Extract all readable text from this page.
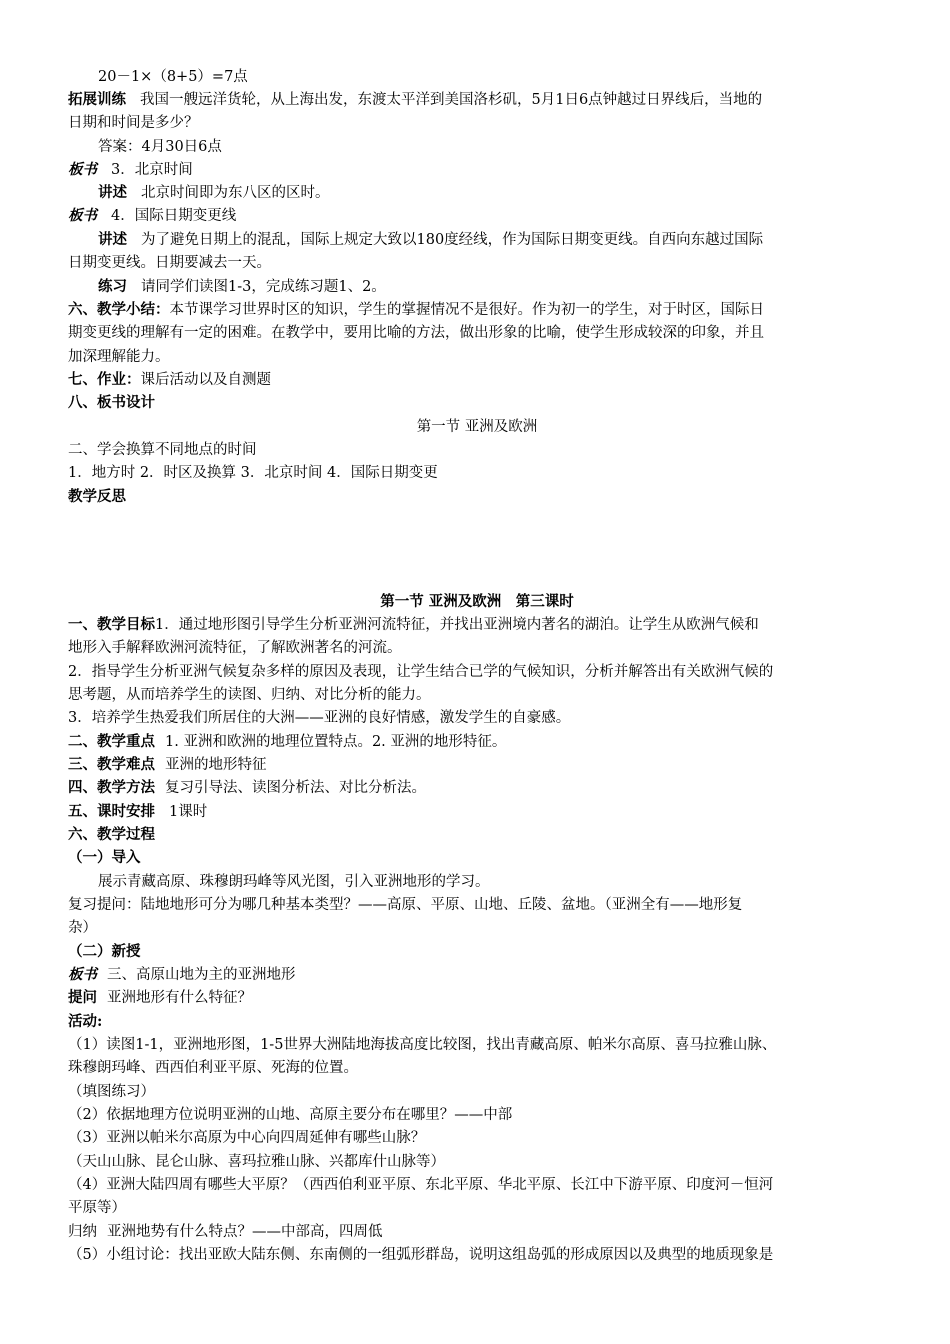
20－1×（8+5）=7点
拓展训练 我国一艘远洋货轮，从上海出发，东渡太平洋到美国洛杉矶，5月1日6点钟越过日界线后，当地的
日期和时间是多少？
答案：4月30日6点
板书 3．北京时间
讲述 北京时间即为东八区的区时。
板书 4．国际日期变更线
讲述 为了避免日期上的混乱，国际上规定大致以180度经线，作为国际日期变更线。自西向东越过国际
日期变更线。日期要减去一天。
练习 请同学们读图1-3，完成练习题1、2。
六、教学小结：本节课学习世界时区的知识，学生的掌握情况不是很好。作为初一的学生，对于时区，国际日
期变更线的理解有一定的困难。在教学中，要用比喻的方法，做出形象的比喻，使学生形成较深的印象，并且
加深理解能力。
七、作业：课后活动以及自测题
八、板书设计
第一节 亚洲及欧洲
二、学会换算不同地点的时间
1．地方时 2．时区及换算 3．北京时间 4．国际日期变更
教学反思
第一节 亚洲及欧洲　第三课时
一、教学目标1．通过地形图引导学生分析亚洲河流特征，并找出亚洲境内著名的湖泊。让学生从欧洲气候和
地形入手解释欧洲河流特征，了解欧洲著名的河流。
2．指导学生分析亚洲气候复杂多样的原因及表现，让学生结合已学的气候知识，分析并解答出有关欧洲气候的
思考题，从而培养学生的读图、归纳、对比分析的能力。
3．培养学生热爱我们所居住的大洲——亚洲的良好情感，激发学生的自豪感。
二、教学重点 1. 亚洲和欧洲的地理位置特点。2. 亚洲的地形特征。
三、教学难点 亚洲的地形特征
四、教学方法 复习引导法、读图分析法、对比分析法。
五、课时安排 1课时
六、教学过程
（一）导入
展示青藏高原、珠穆朗玛峰等风光图，引入亚洲地形的学习。
复习提问：陆地地形可分为哪几种基本类型？——高原、平原、山地、丘陵、盆地。（亚洲全有——地形复
杂）
（二）新授
板书 三、高原山地为主的亚洲地形
提问 亚洲地形有什么特征？
活动:
（1）读图1-1，亚洲地形图，1-5世界大洲陆地海拔高度比较图，找出青藏高原、帕米尔高原、喜马拉雅山脉、
珠穆朗玛峰、西西伯利亚平原、死海的位置。
（填图练习）
（2）依据地理方位说明亚洲的山地、高原主要分布在哪里？——中部
（3）亚洲以帕米尔高原为中心向四周延伸有哪些山脉？
（天山山脉、昆仑山脉、喜玛拉雅山脉、兴都库什山脉等）
（4）亚洲大陆四周有哪些大平原？（西西伯利亚平原、东北平原、华北平原、长江中下游平原、印度河－恒河
平原等）
归纳 亚洲地势有什么特点？——中部高，四周低
（5）小组讨论：找出亚欧大陆东侧、东南侧的一组弧形群岛，说明这组岛弧的形成原因以及典型的地质现象是
